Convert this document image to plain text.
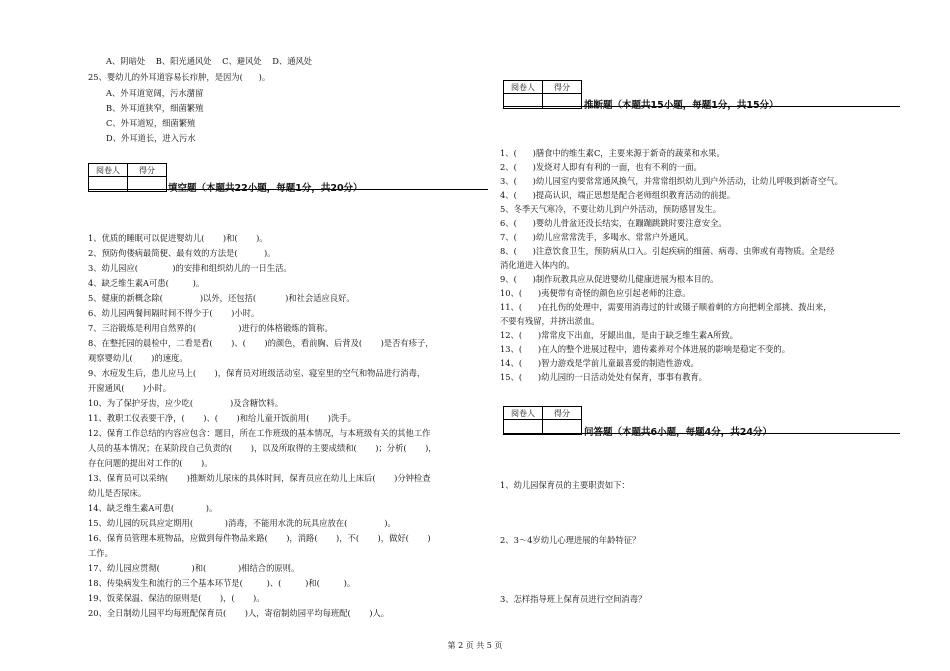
A、阴暗处    B、阳光通风处    C、避风处    D、通风处
25、婴幼儿的外耳道容易长疖肿，是因为(      )。
A、外耳道宽阔，污水潴留
B、外耳道狭窄，细菌繁殖
C、外耳道短，细菌繁殖
D、外耳道长，进入污水
阅卷人	得分

填空题（本题共22小题，每题1分，共20分）
1、优质的睡眠可以促进婴幼儿(       )和(       )。
2、预防佝偻病最简便、最有效的方法是(          )。
3、幼儿园应(             )的安排和组织幼儿的一日生活。
4、缺乏维生素A可患(         )。
5、健康的新概念除(              )以外，还包括(           )和社会适应良好。
6、幼儿园两餐间隔时间不得少于(       )小时。
7、三浴锻炼是利用自然界的(                )进行的体格锻炼的简称。
8、在整托园的晨检中，二看是看(       )、(       )的颜色，看前胸、后背及(       )是否有疹子，
观察婴幼儿(       )的速度。
9、水痘发生后，患儿应马上(       )，保育员对班级活动室、寝室里的空气和物品进行消毒，
开窗通风(       )小时。
10、为了保护牙齿，应少吃(              )及含糖饮料。
11、教职工仪表要干净，(       )、(       )和给儿童开饭前用(       )洗手。
12、保育工作总结的内容应包含：题目，所在工作班级的基本情况，与本班级有关的其他工作
人员的基本情况；在某阶段自己负责的(       )，以及所取得的主要成绩和(       )；分析(       )，
存在问题的提出对工作的(       )。
13、保育员可以采纳(       )推断幼儿尿床的具体时间，保育员应在幼儿上床后(       )分钟检查
幼儿是否尿床。
14、缺乏维生素A可患(            )。
15、幼儿园的玩具应定期用(            )消毒，不能用水洗的玩具应放在(              )。
16、保育员管理本班物品，应做到每件物品来路(       )，消路(       )，不(       )，做好(       )
工作。
17、幼儿园应贯彻(            )和(            )相结合的原则。
18、传染病发生和流行的三个基本环节是(         )、(         )和(         )。
19、饭菜保温、保洁的原则是(       )，(       )。
20、全日制幼儿园平均每班配保育员(       )人，寄宿制幼园平均每班配(       )人。
阅卷人	得分

推断题（本题共15小题，每题1分，共15分）
1、(      )膳食中的维生素C，主要来源于新奇的蔬菜和水果。
2、(      )发烧对人即有有利的一面，也有不利的一面。
3、(      )幼儿园室内要常常通风换气，并常常组织幼儿到户外活动，让幼儿呼吸到新奇空气。
4、(      )提高认识，端正思想是配合老师组织教育活动的前提。
5、冬季天气寒冷，不要让幼儿到户外活动，预防感冒发生。
6、(      )婴幼儿骨盆还没长结实，在蹦蹦跳跳时要注意安全。
7、(      )幼儿应常常洗手，多喝水、常常户外通风。
8、(      )注意饮食卫生，预防病从口入。引起疾病的细菌、病毒、虫卵或有毒物质。全是经
消化道进入体内的。
9、(      )制作玩教具应从促进婴幼儿健康进展为根本目的。
10、(      )夷便带有奇怪的颜色应引起老师的注意。
11、(      )在扎伤的处理中，需要用消毒过的针或镊子顺着刺的方向把刺全部挑、拨出来，
不要有残留，并挤出淤血。
12、(      )常常皮下出血，牙龈出血，是由于缺乏维生素A所致。
13、(      )在人的整个进展过程中，遗传素养对个体进展的影响是稳定不变的。
14、(      )智力游戏是学前儿童最喜爱的制造性游戏。
15、(      )幼儿园的一日活动处处有保育，事事有教育。
阅卷人	得分

问答题（本题共6小题，每题4分，共24分）
1、幼儿园保育员的主要职责如下：
2、3～4岁幼儿心理进展的年龄特征？
3、怎样指导班上保育员进行空间消毒？
第 2 页 共 5 页
